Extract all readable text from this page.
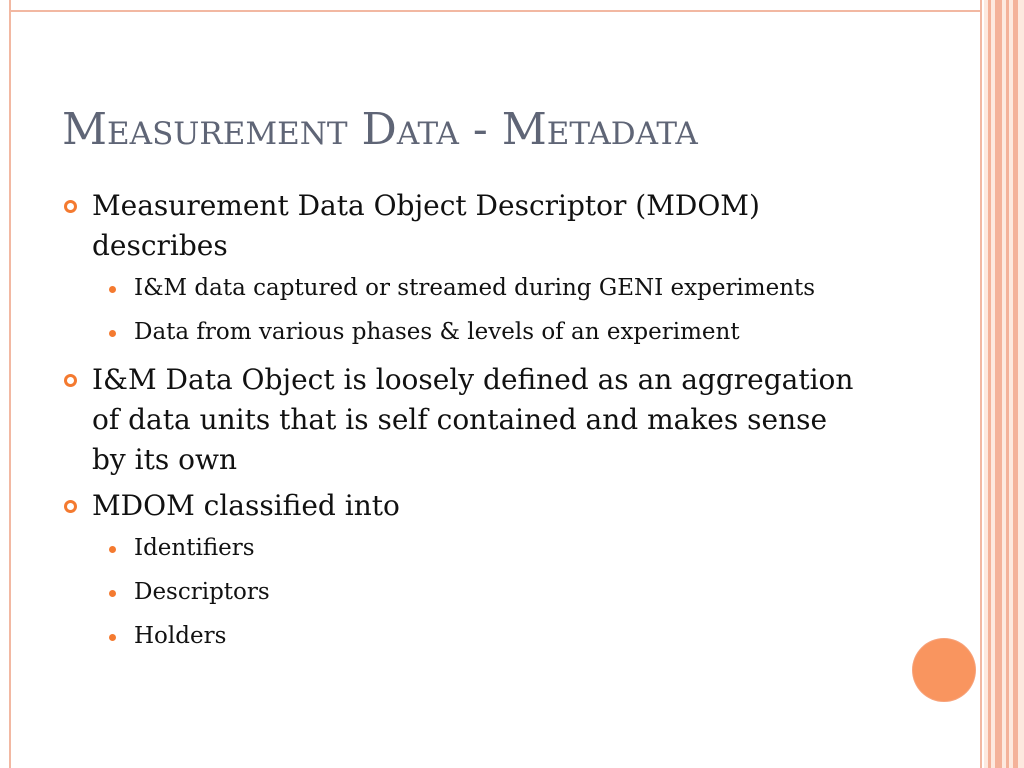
Measurement Data - Metadata
Measurement Data Object Descriptor (MDOM) describes
I&M data captured or streamed during GENI experiments
Data from various phases & levels of an experiment
I&M Data Object is loosely defined as an aggregation of data units that is self contained and makes sense by its own
MDOM classified into
Identifiers
Descriptors
Holders
